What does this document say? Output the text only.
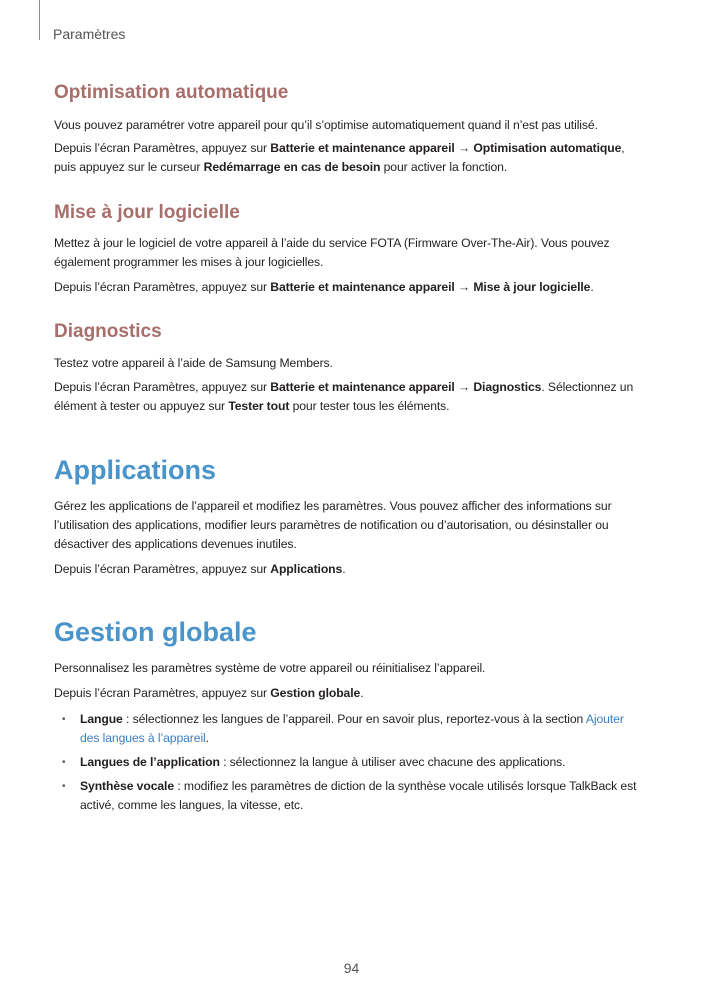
Paramètres

Optimisation automatique

Vous pouvez paramétrer votre appareil pour qu’il s’optimise automatiquement quand il n’est pas utilisé.

Depuis l’écran Paramètres, appuyez sur Batterie et maintenance appareil → Optimisation automatique, puis appuyez sur le curseur Redémarrage en cas de besoin pour activer la fonction.

Mise à jour logicielle

Mettez à jour le logiciel de votre appareil à l’aide du service FOTA (Firmware Over-The-Air). Vous pouvez également programmer les mises à jour logicielles.

Depuis l’écran Paramètres, appuyez sur Batterie et maintenance appareil → Mise à jour logicielle.

Diagnostics

Testez votre appareil à l’aide de Samsung Members.

Depuis l’écran Paramètres, appuyez sur Batterie et maintenance appareil → Diagnostics. Sélectionnez un élément à tester ou appuyez sur Tester tout pour tester tous les éléments.

Applications

Gérez les applications de l’appareil et modifiez les paramètres. Vous pouvez afficher des informations sur l’utilisation des applications, modifier leurs paramètres de notification ou d’autorisation, ou désinstaller ou désactiver des applications devenues inutiles.

Depuis l’écran Paramètres, appuyez sur Applications.

Gestion globale

Personnalisez les paramètres système de votre appareil ou réinitialisez l’appareil.

Depuis l’écran Paramètres, appuyez sur Gestion globale.

• Langue : sélectionnez les langues de l’appareil. Pour en savoir plus, reportez-vous à la section Ajouter des langues à l’appareil.
• Langues de l’application : sélectionnez la langue à utiliser avec chacune des applications.
• Synthèse vocale : modifiez les paramètres de diction de la synthèse vocale utilisés lorsque TalkBack est activé, comme les langues, la vitesse, etc.

94
